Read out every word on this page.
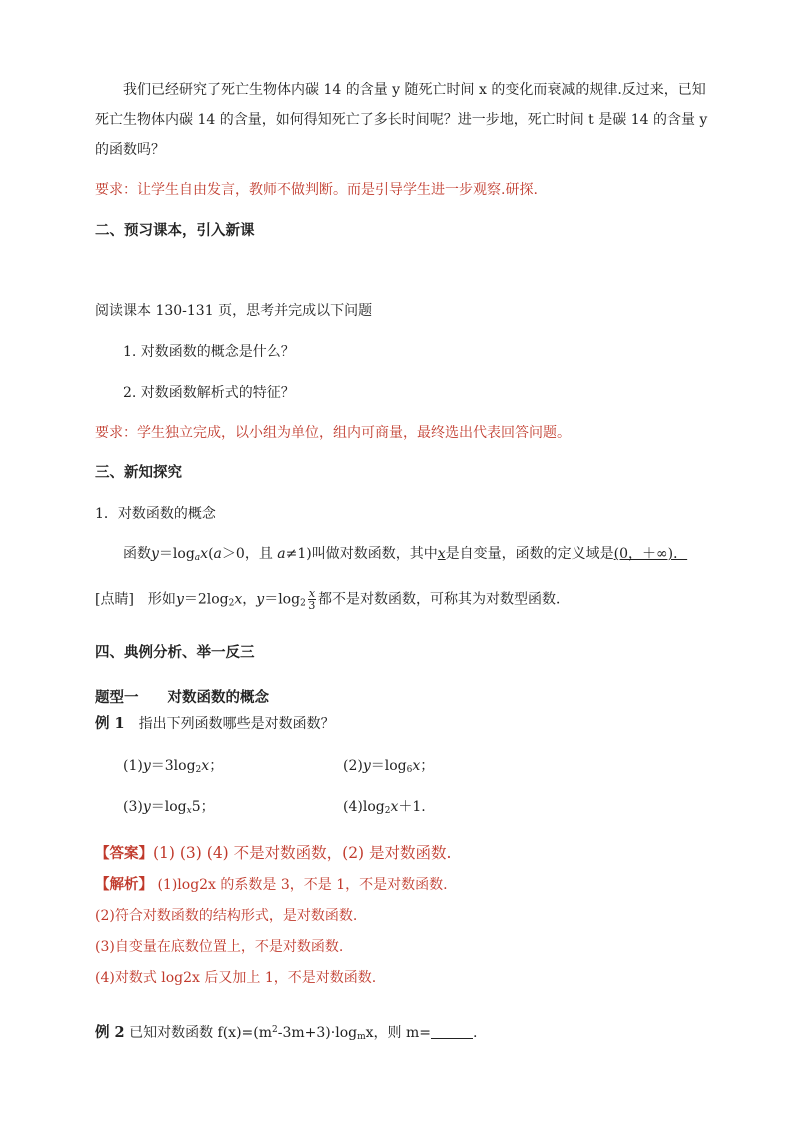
我们已经研究了死亡生物体内碳 14 的含量 y 随死亡时间 x 的变化而衰减的规律.反过来，已知
死亡生物体内碳 14 的含量，如何得知死亡了多长时间呢？进一步地，死亡时间 t 是碳 14 的含量 y
的函数吗？
要求：让学生自由发言，教师不做判断。而是引导学生进一步观察.研探.
二、预习课本，引入新课
阅读课本 130-131 页，思考并完成以下问题
1. 对数函数的概念是什么？
2. 对数函数解析式的特征？
要求：学生独立完成，以小组为单位，组内可商量，最终选出代表回答问题。
三、新知探究
1．对数函数的概念
函数$y=\log_ax(a>0$，且 a≠1)叫做对数函数，其中x是自变量，函数的定义域是(0，＋∞)．
[点睛]　形如$y=2\log_2x$，$y=\log_2 \frac{x}{3}$ 都不是对数函数，可称其为对数型函数．
四、典例分析、举一反三
题型一　　对数函数的概念
例 1　指出下列函数哪些是对数函数？
$(1)y=3\log_2x$；	$(2)y=\log_6x$；
$(3)y=\log_x5$；	$(4)\log_2x+1$.
【答案】(1) (3) (4) 不是对数函数，(2) 是对数函数.
【解析】 (1)log2x 的系数是 3，不是 1，不是对数函数.
(2)符合对数函数的结构形式，是对数函数.
(3)自变量在底数位置上，不是对数函数.
(4)对数式 log2x 后又加上 1，不是对数函数.
例 2 已知对数函数 $f(x)=(m^2-3m+3)\cdot\log_mx$，则 m=	.
